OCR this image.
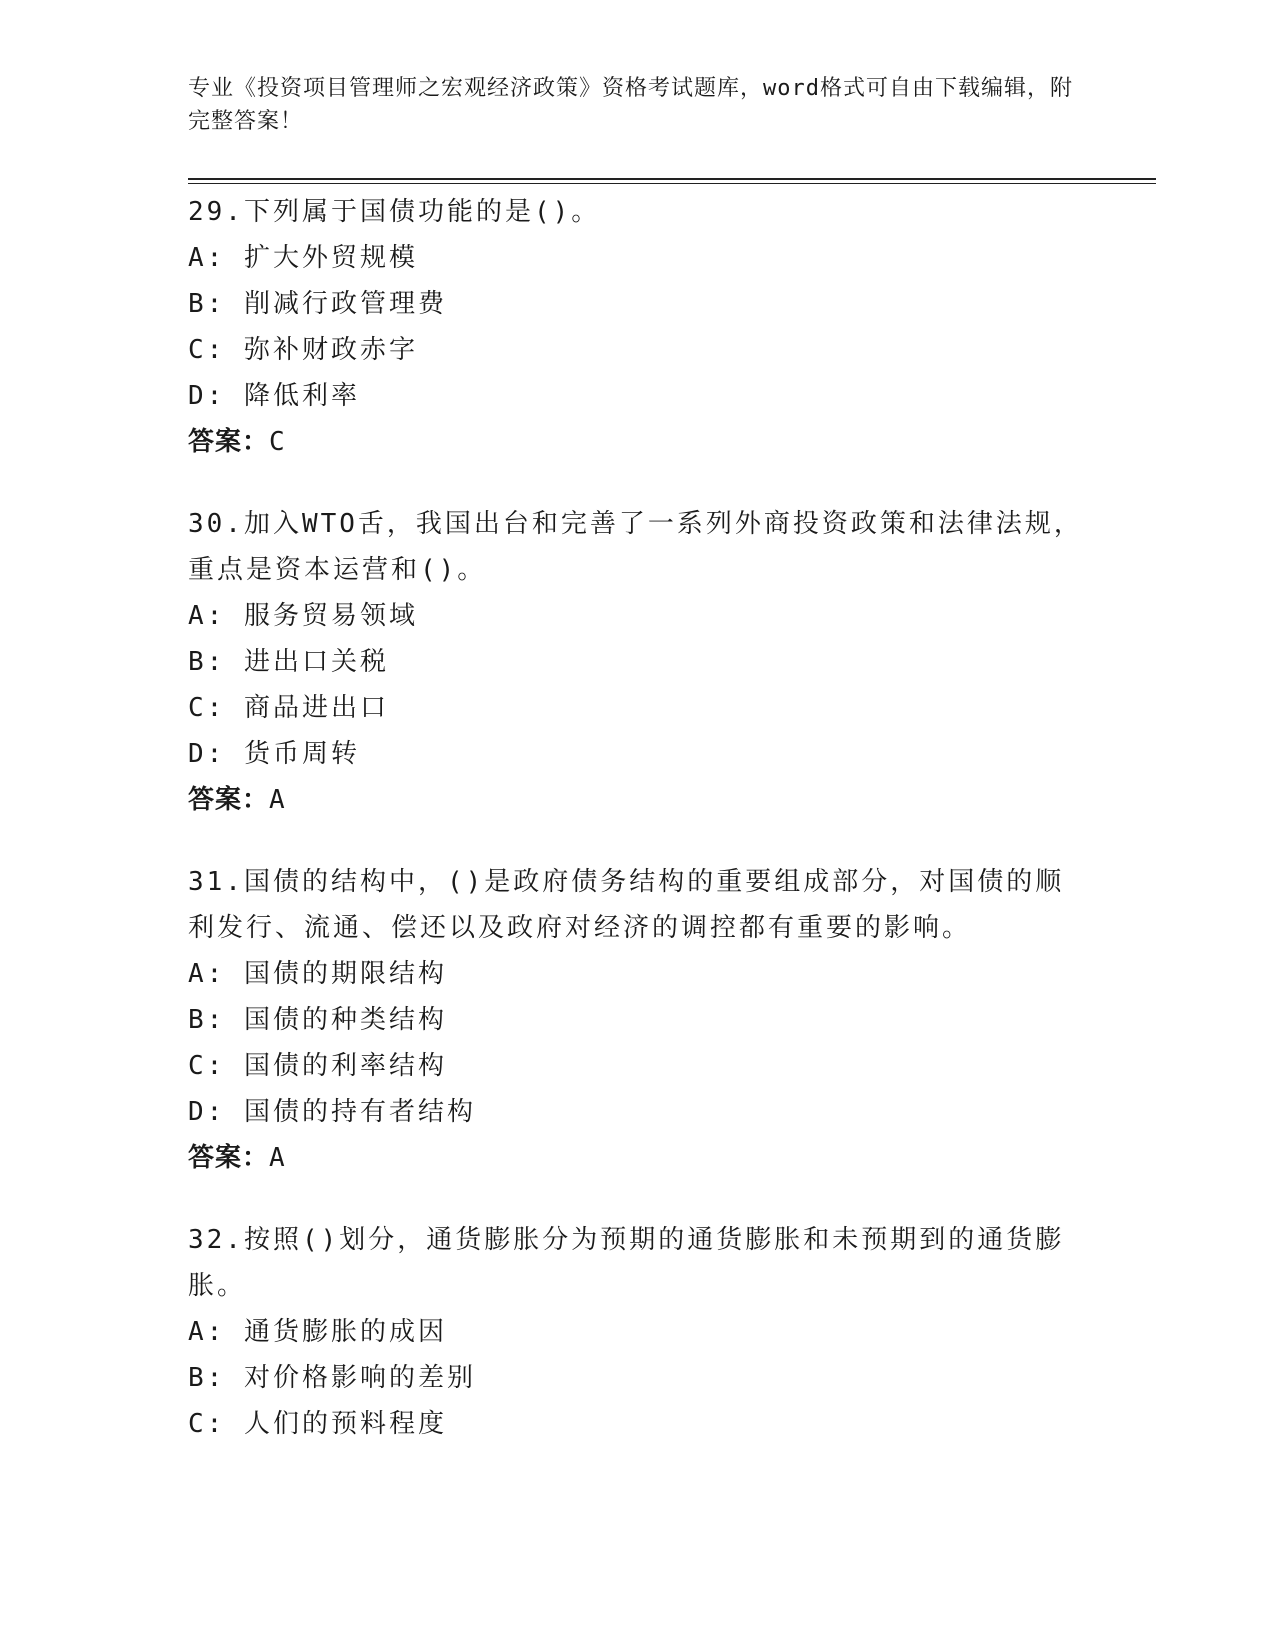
专业《投资项目管理师之宏观经济政策》资格考试题库，word格式可自由下载编辑，附完整答案！
29.下列属于国债功能的是()。
A: 扩大外贸规模
B: 削减行政管理费
C: 弥补财政赤字
D: 降低利率
答案：C
30.加入WTO舌，我国出台和完善了一系列外商投资政策和法律法规，重点是资本运营和()。
A: 服务贸易领域
B: 进出口关税
C: 商品进出口
D: 货币周转
答案：A
31.国债的结构中，()是政府债务结构的重要组成部分，对国债的顺利发行、流通、偿还以及政府对经济的调控都有重要的影响。
A: 国债的期限结构
B: 国债的种类结构
C: 国债的利率结构
D: 国债的持有者结构
答案：A
32.按照()划分，通货膨胀分为预期的通货膨胀和未预期到的通货膨胀。
A: 通货膨胀的成因
B: 对价格影响的差别
C: 人们的预料程度
